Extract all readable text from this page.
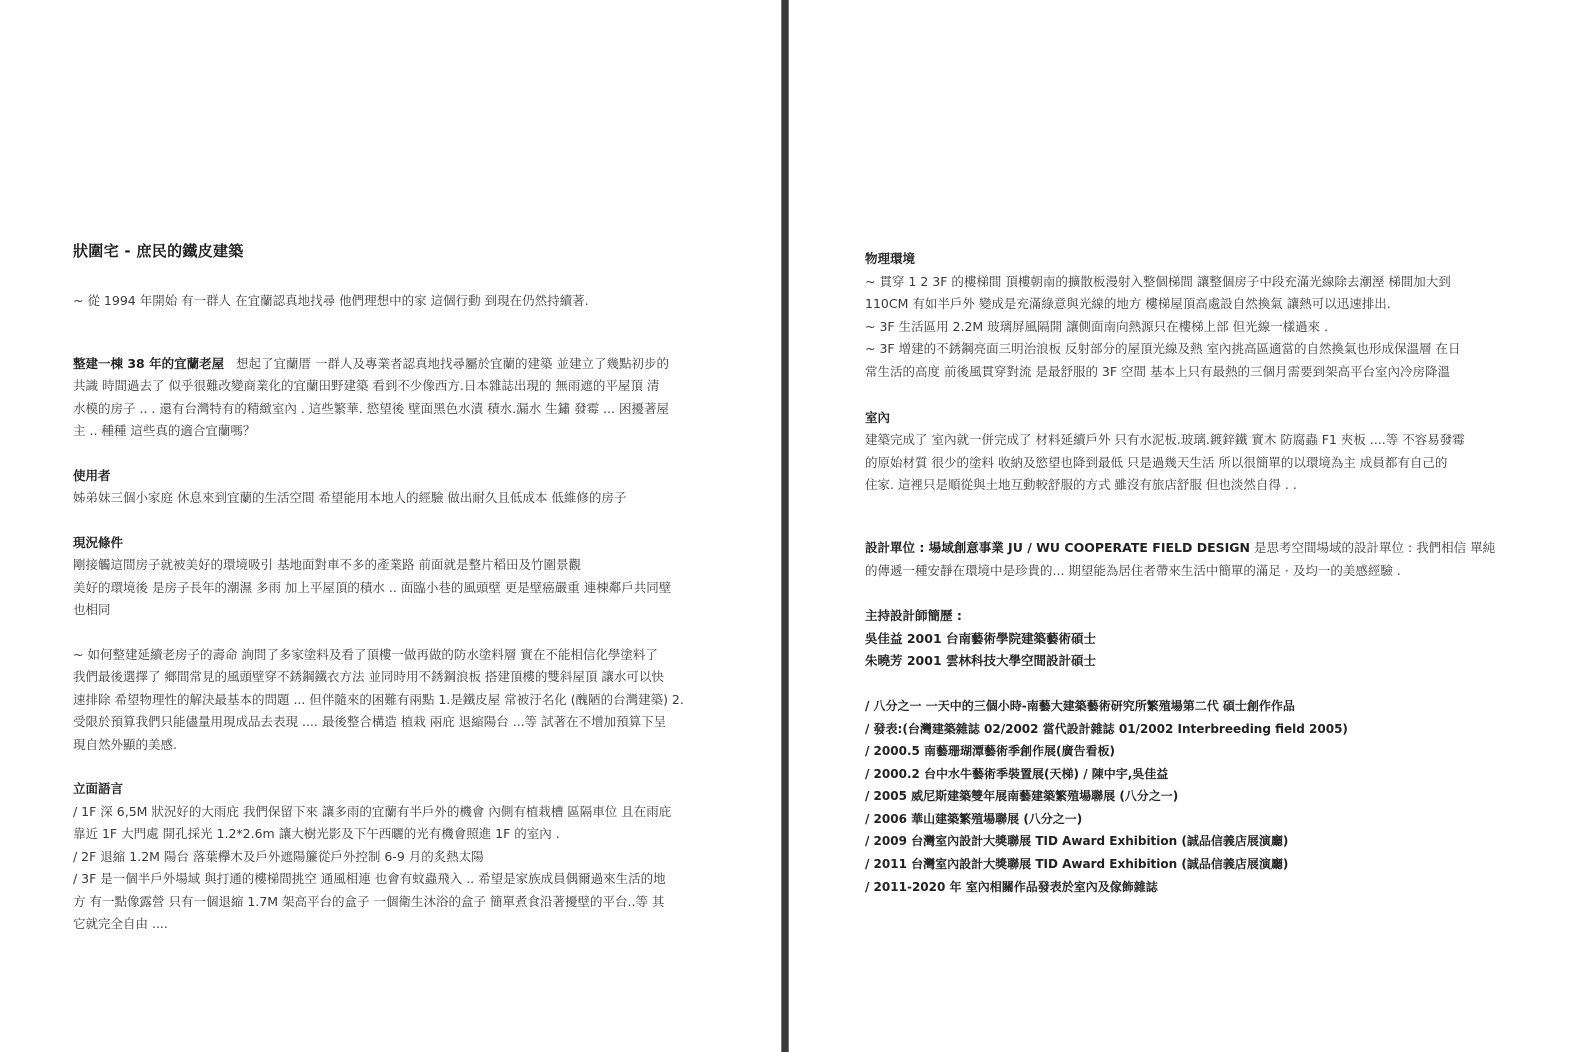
狀圍宅 - 庶民的鐵皮建築

~ 從 1994 年開始 有一群人 在宜蘭認真地找尋 他們理想中的家 這個行動 到現在仍然持續著.

整建一棟 38 年的宜蘭老屋 想起了宜蘭厝 一群人及專業者認真地找尋屬於宜蘭的建築 並建立了幾點初步的

共識 時間過去了 似乎很難改變商業化的宜蘭田野建築 看到不少像西方.日本雜誌出現的 無雨遮的平屋頂 清

水模的房子 .. . 還有台灣特有的精緻室內 . 這些繁華. 慾望後 壁面黑色水漬 積水.漏水 生鏽 發霉 ... 困擾著屋

主 .. 種種 這些真的適合宜蘭嗎？

使用者

姊弟妹三個小家庭 休息來到宜蘭的生活空間 希望能用本地人的經驗 做出耐久且低成本 低維修的房子

現況條件

剛接觸這間房子就被美好的環境吸引 基地面對車不多的產業路 前面就是整片稻田及竹圍景觀

美好的環境後 是房子長年的潮濕 多雨 加上平屋頂的積水 .. 面臨小巷的風頭壁 更是壁癌嚴重 連棟鄰戶共同壁

也相同

~ 如何整建延續老房子的壽命 詢問了多家塗料及看了頂樓一做再做的防水塗料層 實在不能相信化學塗料了

我們最後選擇了 鄉間常見的風頭壁穿不銹鋼鐵衣方法 並同時用不銹鋼浪板 搭建頂樓的雙斜屋頂 讓水可以快

速排除 希望物理性的解決最基本的問題 ... 但伴隨來的困難有兩點 1.是鐵皮屋 常被汙名化 (醜陋的台灣建築) 2.

受限於預算我們只能儘量用現成品去表現 .... 最後整合構造 植栽 兩庇 退縮陽台 ...等 試著在不增加預算下呈

現自然外顯的美感.

立面語言

/ 1F 深 6,5M 狀況好的大雨庇 我們保留下來 讓多雨的宜蘭有半戶外的機會 內側有植栽槽 區隔車位 且在雨庇

靠近 1F 大門處 開孔採光 1.2*2.6m 讓大樹光影及下午西曬的光有機會照進 1F 的室內 .

/ 2F 退縮 1.2M 陽台 落葉欅木及戶外遮陽簾從戶外控制 6-9 月的炙熱太陽

/ 3F 是一個半戶外場域 與打通的樓梯間挑空 通風相連 也會有蚊蟲飛入 .. 希望是家族成員偶爾過來生活的地

方 有一點像露營 只有一個退縮 1.7M 架高平台的盒子 一個衛生沐浴的盒子 簡單煮食沿著擾壁的平台..等 其

它就完全自由 ....

物理環境

~ 貫穿 1 2 3F 的樓梯間 頂樓朝南的擴散板漫射入整個梯間 讓整個房子中段充滿光線除去潮溼 梯間加大到

110CM 有如半戶外 變成是充滿綠意與光線的地方 樓梯屋頂高處設自然換氣 讓熱可以迅速排出.

~ 3F 生活區用 2.2M 玻璃屏風隔開 讓側面南向熱源只在樓梯上部 但光線一樣過來 .

~ 3F 增建的不銹鋼亮面三明治浪板 反射部分的屋頂光線及熱 室內挑高區適當的自然換氣也形成保溫層 在日

常生活的高度 前後風貫穿對流 是最舒服的 3F 空間 基本上只有最熱的三個月需要到架高平台室內冷房降溫

室內

建築完成了 室內就一併完成了 材料延續戶外 只有水泥板.玻璃.鍍鋅鐵 實木 防腐蟲 F1 夾板 ....等 不容易發霉

的原始材質 很少的塗料 收納及慾望也降到最低 只是過幾天生活 所以很簡單的以環境為主 成員都有自己的

住家. 這裡只是順從與土地互動較舒服的方式 雖沒有旅店舒服 但也淡然自得 . .

設計單位 : 場域創意事業 JU / WU COOPERATE FIELD DESIGN 是思考空間場域的設計單位 : 我們相信 單純

的傳遞一種安靜在環境中是珍貴的... 期望能為居住者帶來生活中簡單的滿足 · 及均一的美感經驗 .

主持設計師簡歷 :

吳佳益 2001 台南藝術學院建築藝術碩士

朱曉芳 2001 雲林科技大學空間設計碩士

/ 八分之一 一天中的三個小時-南藝大建築藝術研究所繁殖場第二代 碩士創作作品

/ 發表:(台灣建築雜誌 02/2002 當代設計雜誌 01/2002 Interbreeding field 2005)

/ 2000.5 南藝珊瑚潭藝術季創作展(廣告看板)

/ 2000.2 台中水牛藝術季裝置展(天梯) / 陳中宇,吳佳益

/ 2005 威尼斯建築雙年展南藝建築繁殖場聯展 (八分之一)

/ 2006 華山建築繁殖場聯展 (八分之一)

/ 2009 台灣室內設計大獎聯展 TID Award Exhibition (誠品信義店展演廳)

/ 2011 台灣室內設計大獎聯展 TID Award Exhibition (誠品信義店展演廳)

/ 2011-2020 年 室內相關作品發表於室內及傢飾雜誌
